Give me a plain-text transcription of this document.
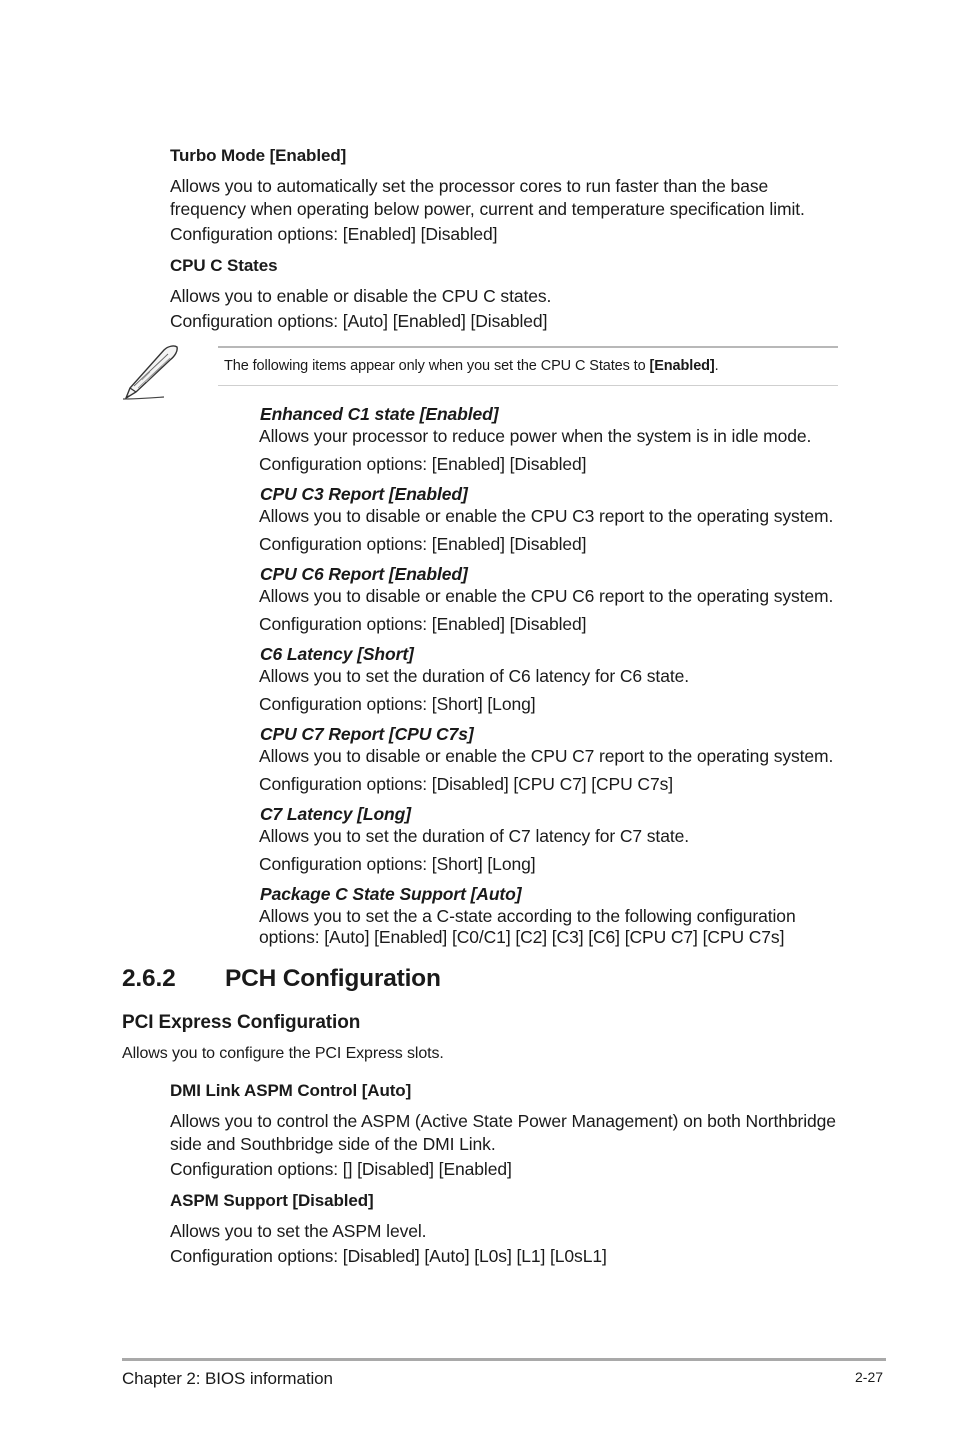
Turbo Mode [Enabled]
Allows you to automatically set the processor cores to run faster than the base
frequency when operating below power, current and temperature specification limit.
Configuration options: [Enabled] [Disabled]
CPU C States
Allows you to enable or disable the CPU C states.
Configuration options: [Auto] [Enabled] [Disabled]
The following items appear only when you set the CPU C States to [Enabled].
Enhanced C1 state [Enabled]
Allows your processor to reduce power when the system is in idle mode.
Configuration options: [Enabled] [Disabled]
CPU C3 Report [Enabled]
Allows you to disable or enable the CPU C3 report to the operating system.
Configuration options: [Enabled] [Disabled]
CPU C6 Report [Enabled]
Allows you to disable or enable the CPU C6 report to the operating system.
Configuration options: [Enabled] [Disabled]
C6 Latency [Short]
Allows you to set the duration of C6 latency for C6 state.
Configuration options: [Short] [Long]
CPU C7 Report [CPU C7s]
Allows you to disable or enable the CPU C7 report to the operating system.
Configuration options: [Disabled] [CPU C7] [CPU C7s]
C7 Latency [Long]
Allows you to set the duration of C7 latency for C7 state.
Configuration options: [Short] [Long]
Package C State Support [Auto]
Allows you to set the a C-state according to the following configuration
options: [Auto] [Enabled] [C0/C1] [C2] [C3] [C6] [CPU C7] [CPU C7s]
2.6.2 PCH Configuration
PCI Express Configuration
Allows you to configure the PCI Express slots.
DMI Link ASPM Control [Auto]
Allows you to control the ASPM (Active State Power Management) on both Northbridge
side and Southbridge side of the DMI Link.
Configuration options: [] [Disabled] [Enabled]
ASPM Support [Disabled]
Allows you to set the ASPM level.
Configuration options: [Disabled] [Auto] [L0s] [L1] [L0sL1]
Chapter 2: BIOS information	2-27
